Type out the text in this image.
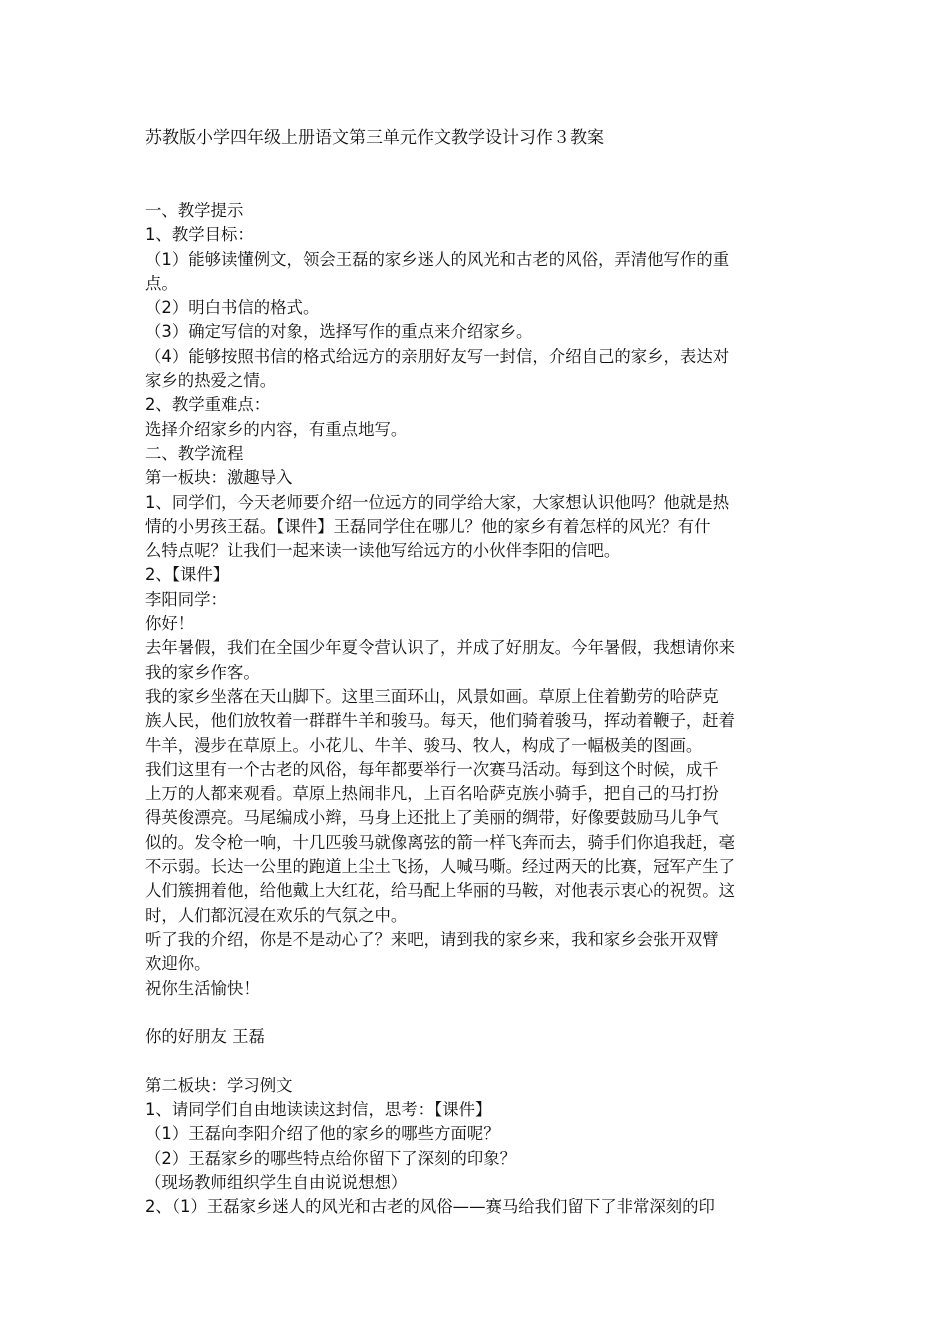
苏教版小学四年级上册语文第三单元作文教学设计习作３教案
一、教学提示
1、教学目标：
（1）能够读懂例文，领会王磊的家乡迷人的风光和古老的风俗，弄清他写作的重
点。
（2）明白书信的格式。
（3）确定写信的对象，选择写作的重点来介绍家乡。
（4）能够按照书信的格式给远方的亲朋好友写一封信，介绍自己的家乡，表达对
家乡的热爱之情。
2、教学重难点：
选择介绍家乡的内容，有重点地写。
二、教学流程
第一板块：激趣导入
1、同学们，今天老师要介绍一位远方的同学给大家，大家想认识他吗？他就是热
情的小男孩王磊。【课件】王磊同学住在哪儿？他的家乡有着怎样的风光？有什
么特点呢？让我们一起来读一读他写给远方的小伙伴李阳的信吧。
2、【课件】
李阳同学：
你好！
去年暑假，我们在全国少年夏令营认识了，并成了好朋友。今年暑假，我想请你来
我的家乡作客。
我的家乡坐落在天山脚下。这里三面环山，风景如画。草原上住着勤劳的哈萨克
族人民，他们放牧着一群群牛羊和骏马。每天，他们骑着骏马，挥动着鞭子，赶着
牛羊，漫步在草原上。小花儿、牛羊、骏马、牧人，构成了一幅极美的图画。
我们这里有一个古老的风俗，每年都要举行一次赛马活动。每到这个时候，成千
上万的人都来观看。草原上热闹非凡，上百名哈萨克族小骑手，把自己的马打扮
得英俊漂亮。马尾编成小辫，马身上还批上了美丽的绸带，好像要鼓励马儿争气
似的。发令枪一响，十几匹骏马就像离弦的箭一样飞奔而去，骑手们你追我赶，毫
不示弱。长达一公里的跑道上尘土飞扬，人喊马嘶。经过两天的比赛，冠军产生了
人们簇拥着他，给他戴上大红花，给马配上华丽的马鞍，对他表示衷心的祝贺。这
时，人们都沉浸在欢乐的气氛之中。
听了我的介绍，你是不是动心了？来吧，请到我的家乡来，我和家乡会张开双臂
欢迎你。
祝你生活愉快！
你的好朋友 王磊
第二板块：学习例文
1、请同学们自由地读读这封信，思考：【课件】
（1）王磊向李阳介绍了他的家乡的哪些方面呢？
（2）王磊家乡的哪些特点给你留下了深刻的印象？
（现场教师组织学生自由说说想想）
2、（1）王磊家乡迷人的风光和古老的风俗——赛马给我们留下了非常深刻的印
